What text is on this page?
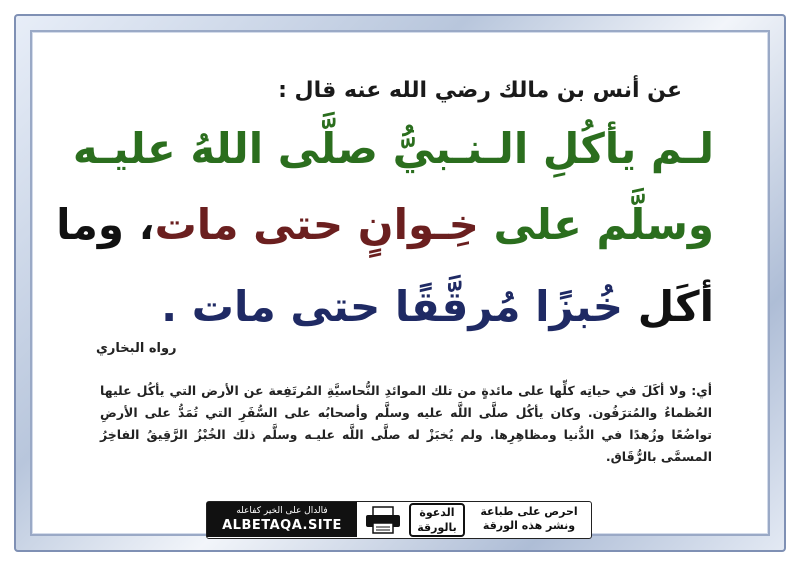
عن أنس بن مالك رضي الله عنه قال :
لـم يأكُلِ الـنـبيُّ صلَّى اللهُ عليـه
وسلَّم على خِـوانٍ حتى مات، وما
أكَل خُبزًا مُرقَّقًا حتى مات .
رواه البخاري
أي: ولا أكَلَ في حياتِه كلِّها على مائدةٍ من تلك الموائدِ النُّحاسيَّةِ المُرتَفِعة عن الأرض التي يأكُل عليها العُظماءُ والمُترَفُون. وكان يأكُل صلَّى اللَّه عليه وسلَّم وأصحابُه على السُّفَرِ التي تُمَدُّ على الأرضِ تواضُعًا وزُهدًا في الدُّنيا ومظاهِرِها. ولم يُخبَزْ له صلَّى اللَّه عليـه وسلَّم ذلك الخُبْزُ الرَّقِيقُ الفاخِرُ المسمَّى بالرُّقَاق.
فالدال على الخير كفاعله
ALBETAQA.SITE
الدعوة بالورقة
احرص على طباعة
ونشر هذه الورقة
